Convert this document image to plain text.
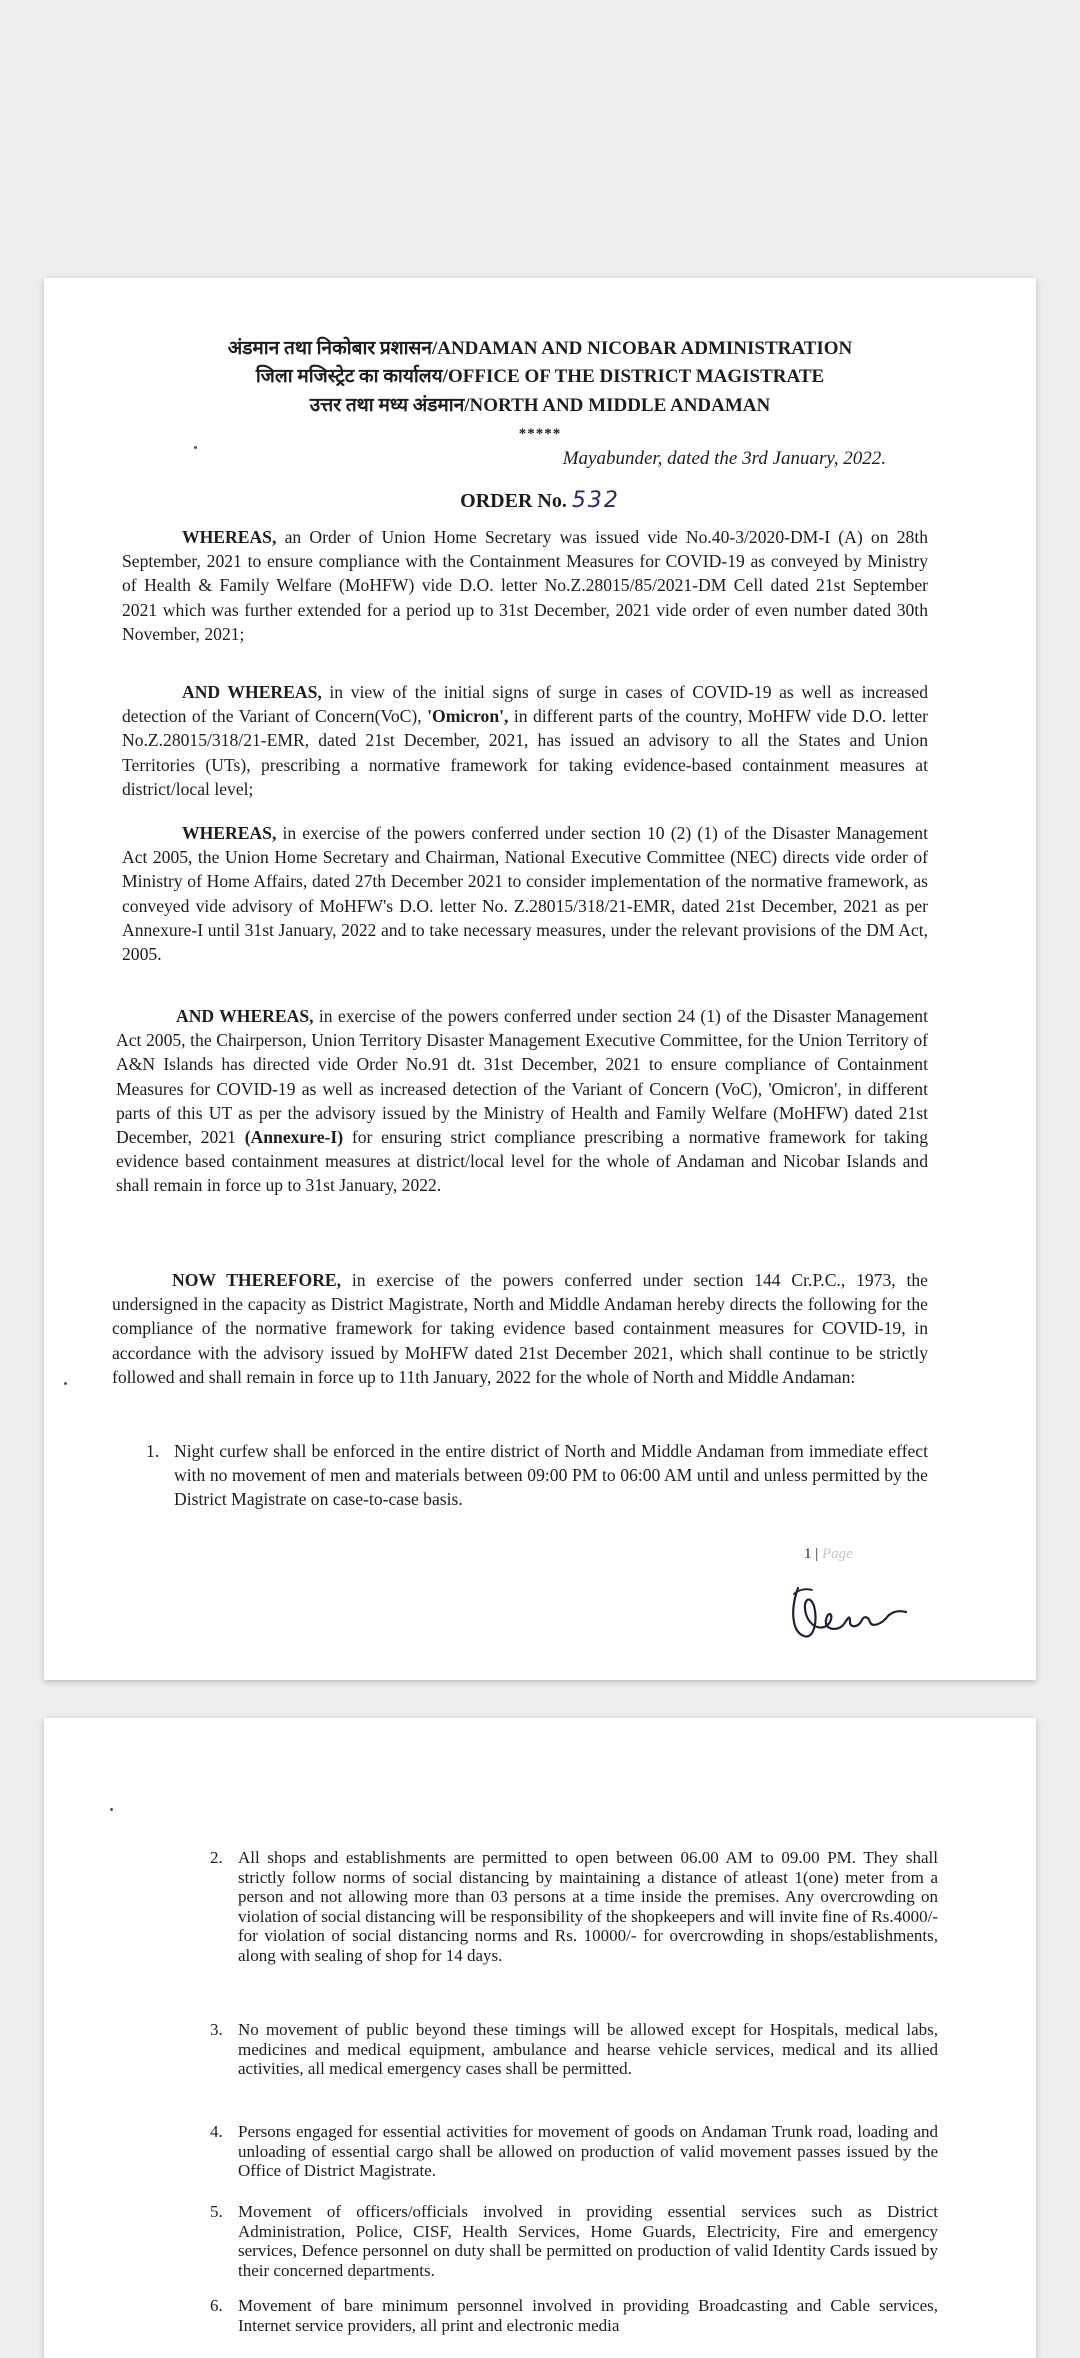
अंडमान तथा निकोबार प्रशासन/ANDAMAN AND NICOBAR ADMINISTRATION
जिला मजिस्ट्रेट का कार्यालय/OFFICE OF THE DISTRICT MAGISTRATE
उत्तर तथा मध्य अंडमान/NORTH AND MIDDLE ANDAMAN
*****
Mayabunder, dated the 3rd January, 2022.
ORDER No. 532

WHEREAS, an Order of Union Home Secretary was issued vide No.40-3/2020-DM-I (A) on 28th September, 2021 to ensure compliance with the Containment Measures for COVID-19 as conveyed by Ministry of Health & Family Welfare (MoHFW) vide D.O. letter No.Z.28015/85/2021-DM Cell dated 21st September 2021 which was further extended for a period up to 31st December, 2021 vide order of even number dated 30th November, 2021;

AND WHEREAS, in view of the initial signs of surge in cases of COVID-19 as well as increased detection of the Variant of Concern(VoC), 'Omicron', in different parts of the country, MoHFW vide D.O. letter No.Z.28015/318/21-EMR, dated 21st December, 2021, has issued an advisory to all the States and Union Territories (UTs), prescribing a normative framework for taking evidence-based containment measures at district/local level;

WHEREAS, in exercise of the powers conferred under section 10 (2) (1) of the Disaster Management Act 2005, the Union Home Secretary and Chairman, National Executive Committee (NEC) directs vide order of Ministry of Home Affairs, dated 27th December 2021 to consider implementation of the normative framework, as conveyed vide advisory of MoHFW's D.O. letter No. Z.28015/318/21-EMR, dated 21st December, 2021 as per Annexure-I until 31st January, 2022 and to take necessary measures, under the relevant provisions of the DM Act, 2005.

AND WHEREAS, in exercise of the powers conferred under section 24 (1) of the Disaster Management Act 2005, the Chairperson, Union Territory Disaster Management Executive Committee, for the Union Territory of A&N Islands has directed vide Order No.91 dt. 31st December, 2021 to ensure compliance of Containment Measures for COVID-19 as well as increased detection of the Variant of Concern (VoC), 'Omicron', in different parts of this UT as per the advisory issued by the Ministry of Health and Family Welfare (MoHFW) dated 21st December, 2021 (Annexure-I) for ensuring strict compliance prescribing a normative framework for taking evidence based containment measures at district/local level for the whole of Andaman and Nicobar Islands and shall remain in force up to 31st January, 2022.

NOW THEREFORE, in exercise of the powers conferred under section 144 Cr.P.C., 1973, the undersigned in the capacity as District Magistrate, North and Middle Andaman hereby directs the following for the compliance of the normative framework for taking evidence based containment measures for COVID-19, in accordance with the advisory issued by MoHFW dated 21st December 2021, which shall continue to be strictly followed and shall remain in force up to 11th January, 2022 for the whole of North and Middle Andaman:

1. Night curfew shall be enforced in the entire district of North and Middle Andaman from immediate effect with no movement of men and materials between 09:00 PM to 06:00 AM until and unless permitted by the District Magistrate on case-to-case basis.

1 | Page

2. All shops and establishments are permitted to open between 06.00 AM to 09.00 PM. They shall strictly follow norms of social distancing by maintaining a distance of atleast 1(one) meter from a person and not allowing more than 03 persons at a time inside the premises. Any overcrowding on violation of social distancing will be responsibility of the shopkeepers and will invite fine of Rs.4000/- for violation of social distancing norms and Rs. 10000/- for overcrowding in shops/establishments, along with sealing of shop for 14 days.

3. No movement of public beyond these timings will be allowed except for Hospitals, medical labs, medicines and medical equipment, ambulance and hearse vehicle services, medical and its allied activities, all medical emergency cases shall be permitted.

4. Persons engaged for essential activities for movement of goods on Andaman Trunk road, loading and unloading of essential cargo shall be allowed on production of valid movement passes issued by the Office of District Magistrate.

5. Movement of officers/officials involved in providing essential services such as District Administration, Police, CISF, Health Services, Home Guards, Electricity, Fire and emergency services, Defence personnel on duty shall be permitted on production of valid Identity Cards issued by their concerned departments.

6. Movement of bare minimum personnel involved in providing Broadcasting and Cable services, Internet service providers, all print and electronic media
